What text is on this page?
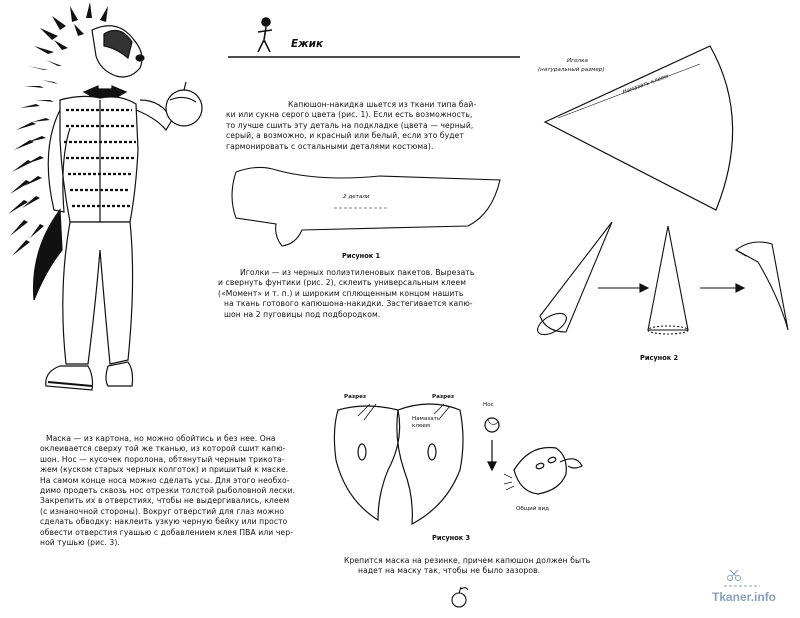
Ежик
Капюшон-накидка шьется из ткани типа бай-
ки или сукна серого цвета (рис. 1). Если есть возможность,
то лучше сшить эту деталь на подкладке (цвета — черный,
серый, а возможно, и красный или белый, если это будет
гармонировать с остальными деталями костюма).
2 детали
Рисунок 1
Иголки — из черных полиэтиленовых пакетов. Вырезать
и свернуть фунтики (рис. 2), склеить универсальным клеем
(«Момент» и т. п.) и широким сплющенным концом нашить
на ткань готового капюшона-накидки. Застегивается капю-
шон на 2 пуговицы под подбородком.
Иголка
(натуральный размер)
Намазать клеем
Рисунок 2
Разрез	Разрез
Намазать клеем
Нос
Общий вид
Рисунок 3
Маска — из картона, но можно обойтись и без нее. Она
оклеивается сверху той же тканью, из которой сшит капю-
шон. Нос — кусочек поролона, обтянутый черным трикота-
жем (куском старых черных колготок) и пришитый к маске.
На самом конце носа можно сделать усы. Для этого необхо-
димо продеть сквозь нос отрезки толстой рыболовной лески.
Закрепить их в отверстиях, чтобы не выдергивались, клеем
(с изнаночной стороны). Вокруг отверстий для глаз можно
сделать обводку: наклеить узкую черную бейку или просто
обвести отверстия гуашью с добавлением клея ПВА или чер-
ной тушью (рис. 3).
Крепится маска на резинке, причем капюшон должен быть
надет на маску так, чтобы не было зазоров.
Tkaner.info
